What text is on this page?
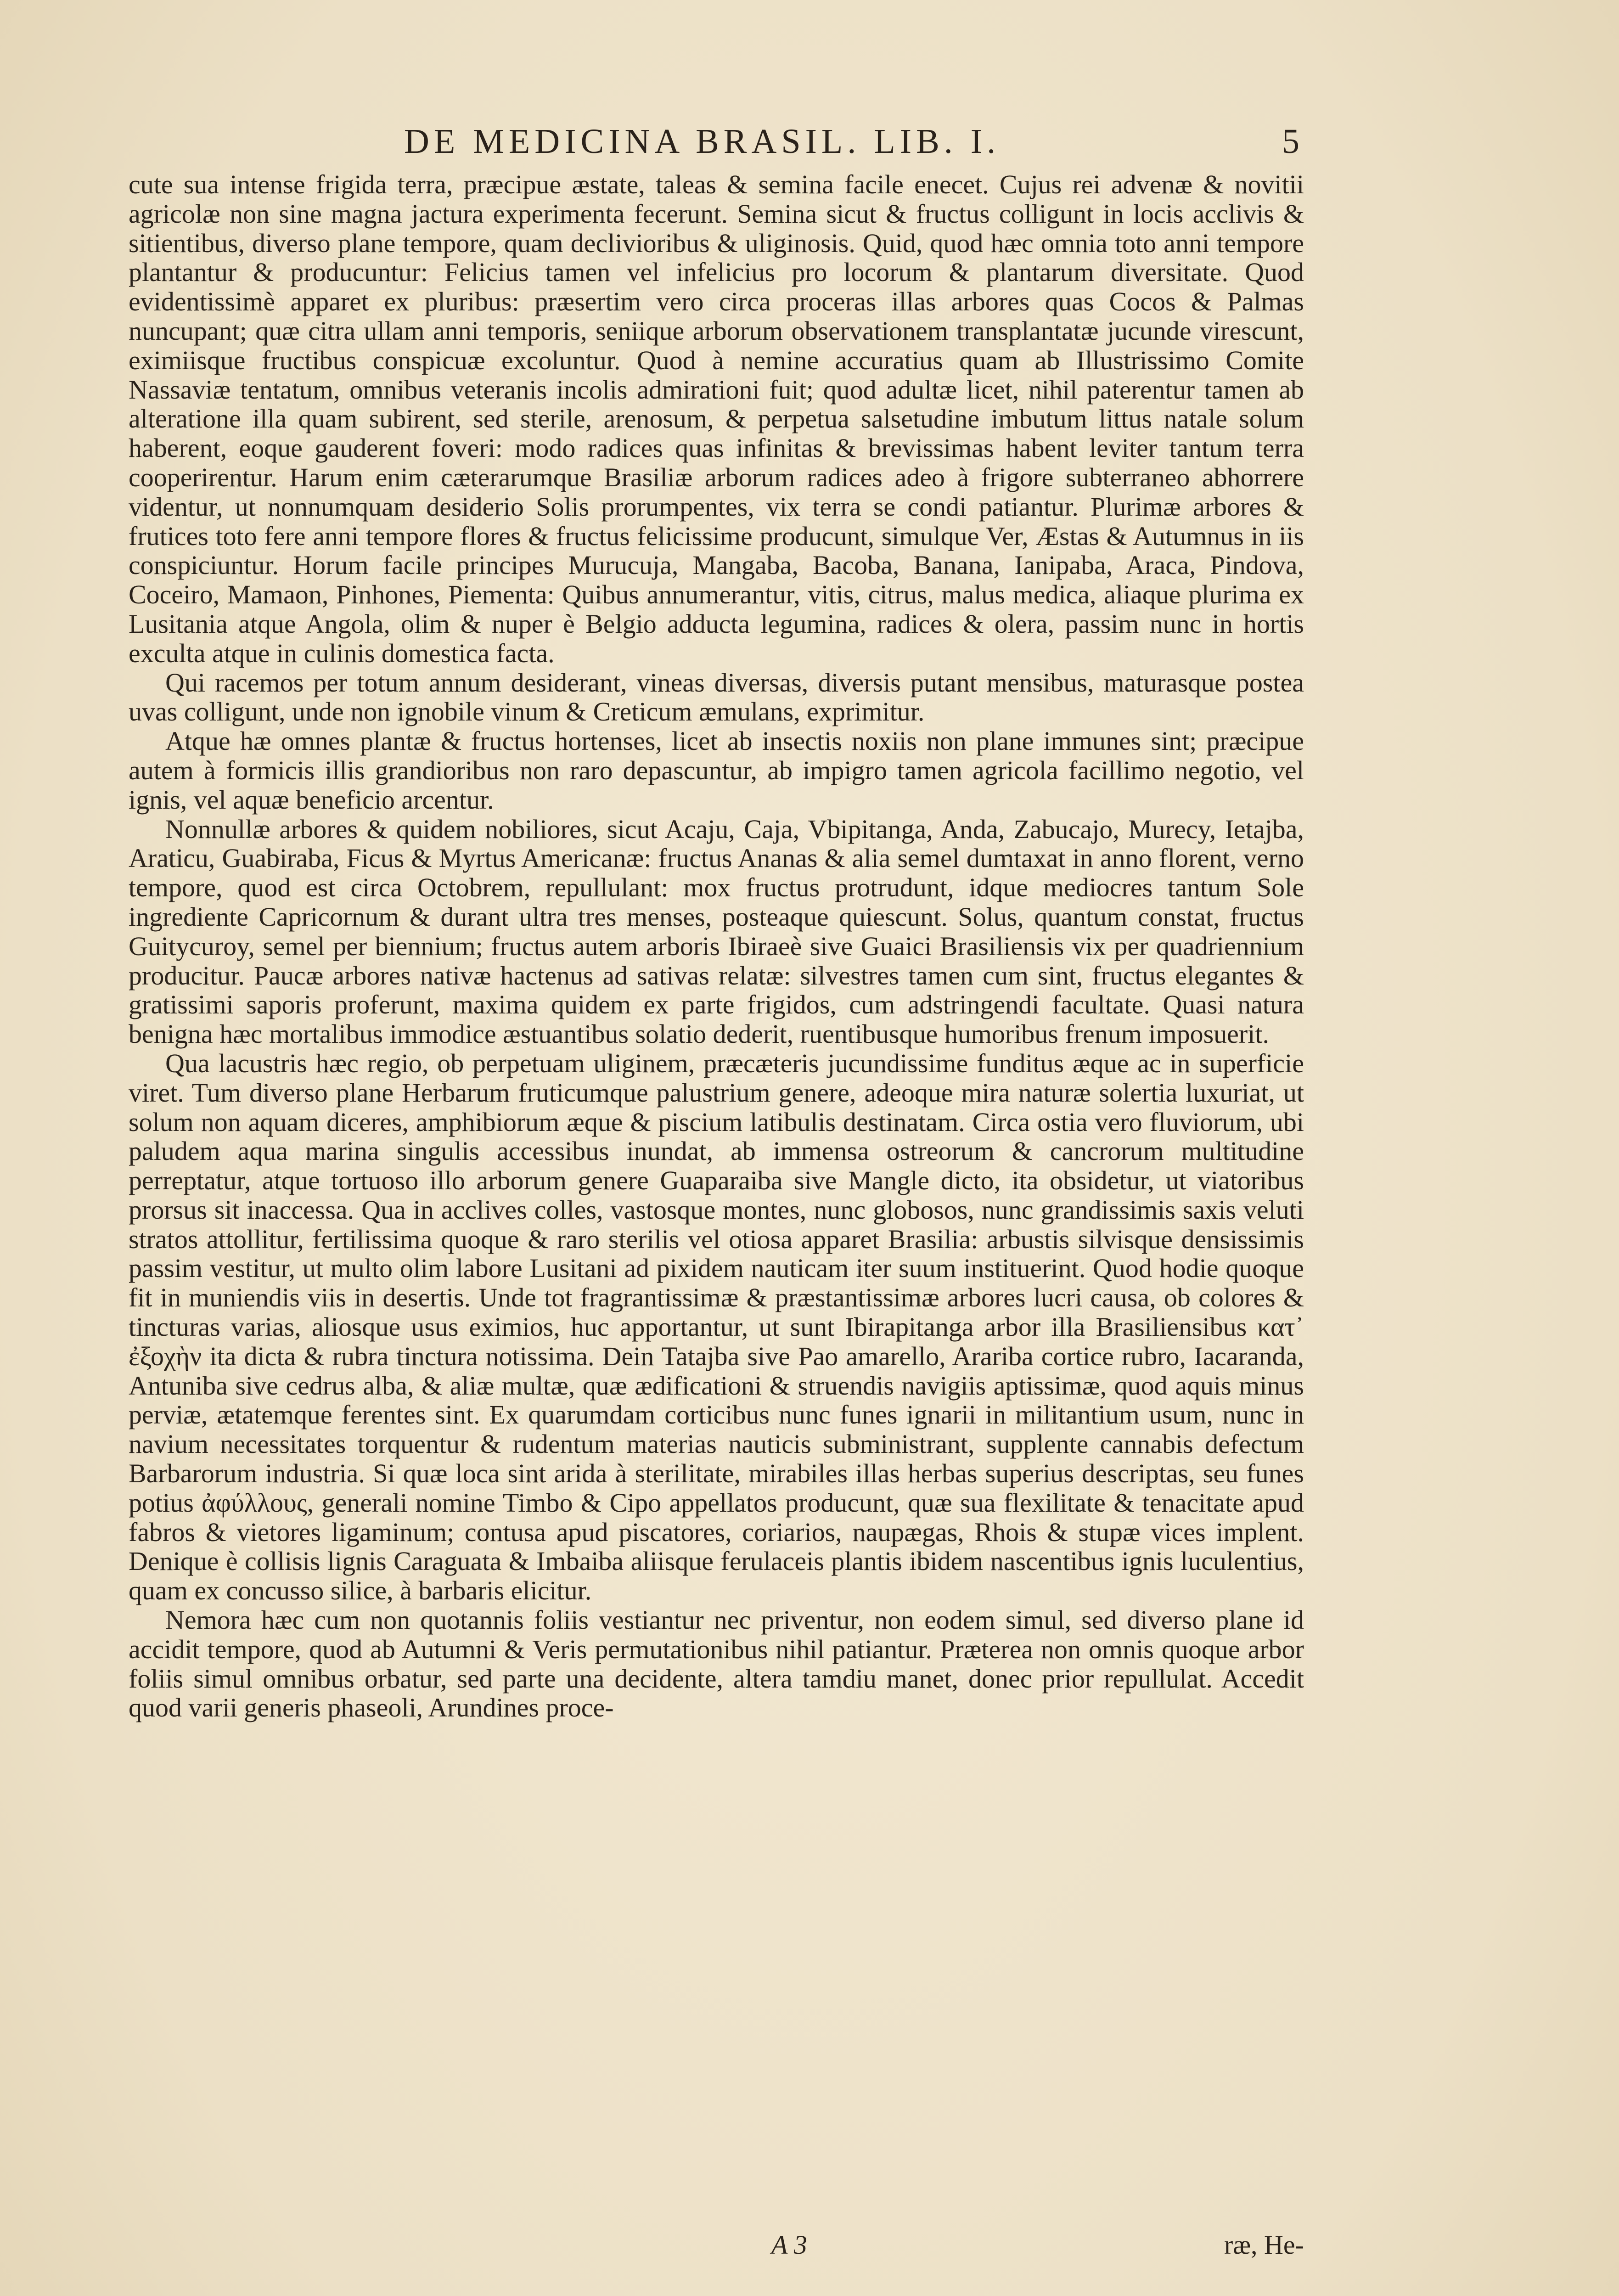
DE MEDICINA BRASIL. LIB. I.	5

cute sua intense frigida terra, præcipue æstate, taleas & semina facile enecet. Cujus rei advenæ & novitii agricolæ non sine magna jactura experimenta fecerunt. Semina sicut & fructus colligunt in locis acclivis & sitientibus, diverso plane tempore, quam declivioribus & uliginosis. Quid, quod hæc omnia toto anni tempore plantantur & producuntur: Felicius tamen vel infelicius pro locorum & plantarum diversitate. Quod evidentissimè apparet ex pluribus: præsertim vero circa proceras illas arbores quas Cocos & Palmas nuncupant; quæ citra ullam anni temporis, seniique arborum observationem transplantatæ jucunde virescunt, eximiisque fructibus conspicuæ excoluntur. Quod à nemine accuratius quam ab Illustrissimo Comite Nassaviæ tentatum, omnibus veteranis incolis admirationi fuit; quod adultæ licet, nihil paterentur tamen ab alteratione illa quam subirent, sed sterile, arenosum, & perpetua salsetudine imbutum littus natale solum haberent, eoque gauderent foveri: modo radices quas infinitas & brevissimas habent leviter tantum terra cooperirentur. Harum enim cæterarumque Brasiliæ arborum radices adeo à frigore subterraneo abhorrere videntur, ut nonnumquam desiderio Solis prorumpentes, vix terra se condi patiantur. Plurimæ arbores & frutices toto fere anni tempore flores & fructus felicissime producunt, simulque Ver, Æstas & Autumnus in iis conspiciuntur. Horum facile principes Murucuja, Mangaba, Bacoba, Banana, Ianipaba, Araca, Pindova, Coceiro, Mamaon, Pinhones, Piementa: Quibus annumerantur, vitis, citrus, malus medica, aliaque plurima ex Lusitania atque Angola, olim & nuper è Belgio adducta legumina, radices & olera, passim nunc in hortis exculta atque in culinis domestica facta.

Qui racemos per totum annum desiderant, vineas diversas, diversis putant mensibus, maturasque postea uvas colligunt, unde non ignobile vinum & Creticum æmulans, exprimitur.

Atque hæ omnes plantæ & fructus hortenses, licet ab insectis noxiis non plane immunes sint; præcipue autem à formicis illis grandioribus non raro depascuntur, ab impigro tamen agricola facillimo negotio, vel ignis, vel aquæ beneficio arcentur.

Nonnullæ arbores & quidem nobiliores, sicut Acaju, Caja, Vbipitanga, Anda, Zabucajo, Murecy, Ietajba, Araticu, Guabiraba, Ficus & Myrtus Americanæ: fructus Ananas & alia semel dumtaxat in anno florent, verno tempore, quod est circa Octobrem, repullulant: mox fructus protrudunt, idque mediocres tantum Sole ingrediente Capricornum & durant ultra tres menses, posteaque quiescunt. Solus, quantum constat, fructus Guitycuroy, semel per biennium; fructus autem arboris Ibiraeè sive Guaici Brasiliensis vix per quadriennium producitur. Paucæ arbores nativæ hactenus ad sativas relatæ: silvestres tamen cum sint, fructus elegantes & gratissimi saporis proferunt, maxima quidem ex parte frigidos, cum adstringendi facultate. Quasi natura benigna hæc mortalibus immodice æstuantibus solatio dederit, ruentibusque humoribus frenum imposuerit.

Qua lacustris hæc regio, ob perpetuam uliginem, præcæteris jucundissime funditus æque ac in superficie viret. Tum diverso plane Herbarum fruticumque palustrium genere, adeoque mira naturæ solertia luxuriat, ut solum non aquam diceres, amphibiorum æque & piscium latibulis destinatam. Circa ostia vero fluviorum, ubi paludem aqua marina singulis accessibus inundat, ab immensa ostreorum & cancrorum multitudine perreptatur, atque tortuoso illo arborum genere Guaparaiba sive Mangle dicto, ita obsidetur, ut viatoribus prorsus sit inaccessa. Qua in acclives colles, vastosque montes, nunc globosos, nunc grandissimis saxis veluti stratos attollitur, fertilissima quoque & raro sterilis vel otiosa apparet Brasilia: arbustis silvisque densissimis passim vestitur, ut multo olim labore Lusitani ad pixidem nauticam iter suum instituerint. Quod hodie quoque fit in muniendis viis in desertis. Unde tot fragrantissimæ & præstantissimæ arbores lucri causa, ob colores & tincturas varias, aliosque usus eximios, huc apportantur, ut sunt Ibirapitanga arbor illa Brasiliensibus κατ᾽ ἐξοχὴν ita dicta & rubra tinctura notissima. Dein Tatajba sive Pao amarello, Arariba cortice rubro, Iacaranda, Antuniba sive cedrus alba, & aliæ multæ, quæ ædificationi & struendis navigiis aptissimæ, quod aquis minus perviæ, ætatemque ferentes sint. Ex quarumdam corticibus nunc funes ignarii in militantium usum, nunc in navium necessitates torquentur & rudentum materias nauticis subministrant, supplente cannabis defectum Barbarorum industria. Si quæ loca sint arida à sterilitate, mirabiles illas herbas superius descriptas, seu funes potius ἀφύλλους, generali nomine Timbo & Cipo appellatos producunt, quæ sua flexilitate & tenacitate apud fabros & vietores ligaminum; contusa apud piscatores, coriarios, naupægas, Rhois & stupæ vices implent. Denique è collisis lignis Caraguata & Imbaiba aliisque ferulaceis plantis ibidem nascentibus ignis luculentius, quam ex concusso silice, à barbaris elicitur.

Nemora hæc cum non quotannis foliis vestiantur nec priventur, non eodem simul, sed diverso plane id accidit tempore, quod ab Autumni & Veris permutationibus nihil patiantur. Præterea non omnis quoque arbor foliis simul omnibus orbatur, sed parte una decidente, altera tamdiu manet, donec prior repullulat. Accedit quod varii generis phaseoli, Arundines proce-

A 3	ræ, He-
